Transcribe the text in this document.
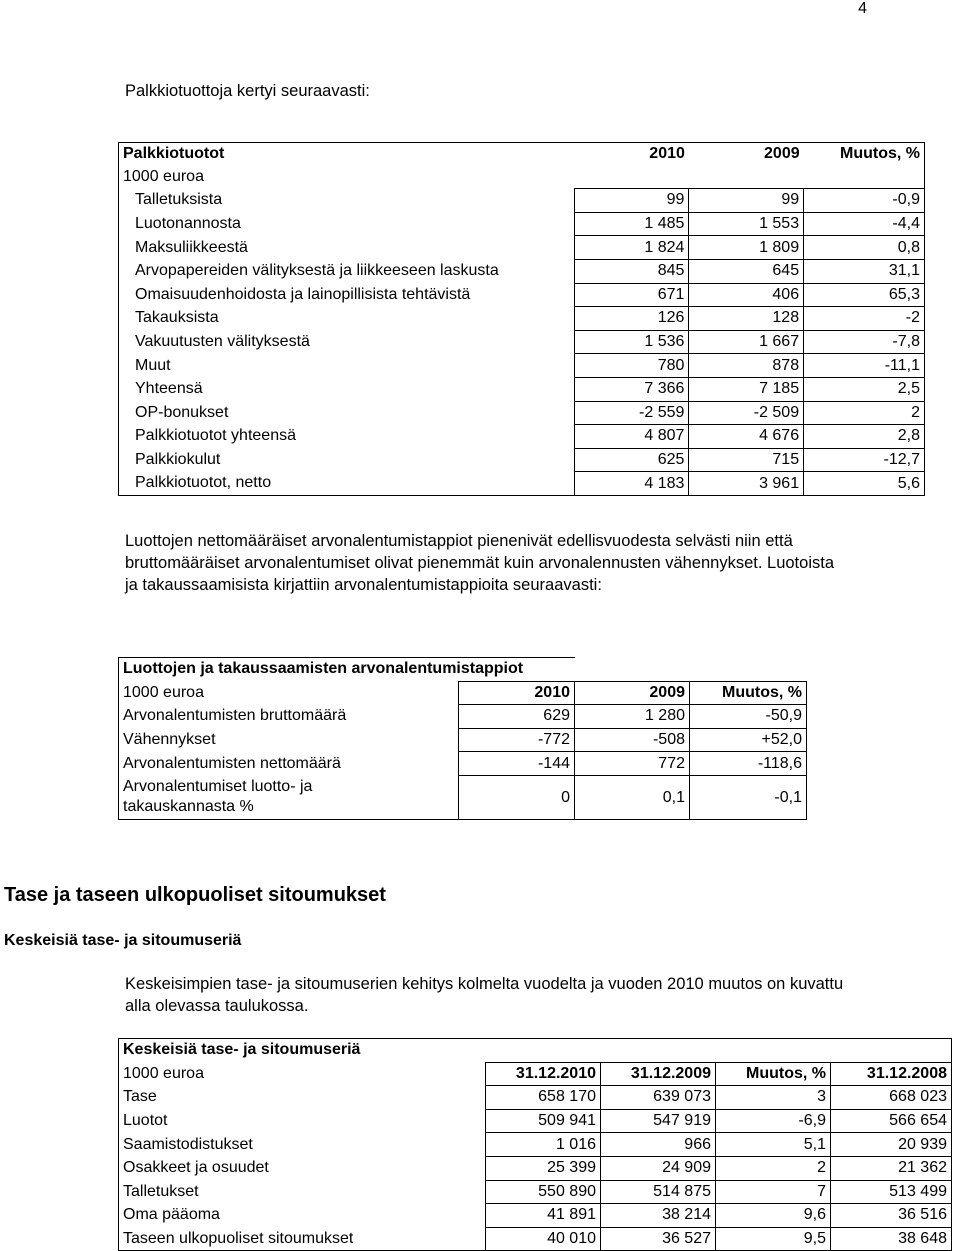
4
Palkkiotuottoja kertyi seuraavasti:
Palkkiotuotot	2010	2009	Muutos, %
1000 euroa			
Talletuksista	99	99	-0,9
Luotonannosta	1 485	1 553	-4,4
Maksuliikkeestä	1 824	1 809	0,8
Arvopapereiden välityksestä ja liikkeeseen laskusta	845	645	31,1
Omaisuudenhoidosta ja lainopillisista tehtävistä	671	406	65,3
Takauksista	126	128	-2
Vakuutusten välityksestä	1 536	1 667	-7,8
Muut	780	878	-11,1
Yhteensä	7 366	7 185	2,5
OP-bonukset	-2 559	-2 509	2
Palkkiotuotot yhteensä	4 807	4 676	2,8
Palkkiokulut	625	715	-12,7
Palkkiotuotot, netto	4 183	3 961	5,6
Luottojen nettomääräiset arvonalentumistappiot pienenivät edellisvuodesta selvästi niin että
bruttomääräiset arvonalentumiset olivat pienemmät kuin arvonalennusten vähennykset. Luotoista
ja takaussaamisista kirjattiin arvonalentumistappioita seuraavasti:
Luottojen ja takaussaamisten arvonalentumistappiot			
1000 euroa	2010	2009	Muutos, %
Arvonalentumisten bruttomäärä	629	1 280	-50,9
Vähennykset	-772	-508	+52,0
Arvonalentumisten nettomäärä	-144	772	-118,6

Arvonalentumiset luotto- ja
takauskannasta %	0	0,1	-0,1
Tase ja taseen ulkopuoliset sitoumukset
Keskeisiä tase- ja sitoumuseriä
Keskeisimpien tase- ja sitoumuserien kehitys kolmelta vuodelta ja vuoden 2010 muutos on kuvattu
alla olevassa taulukossa.
Keskeisiä tase- ja sitoumuseriä				
1000 euroa	31.12.2010	31.12.2009	Muutos, %	31.12.2008
Tase	658 170	639 073	3	668 023
Luotot	509 941	547 919	-6,9	566 654
Saamistodistukset	1 016	966	5,1	20 939
Osakkeet ja osuudet	25 399	24 909	2	21 362
Talletukset	550 890	514 875	7	513 499
Oma pääoma	41 891	38 214	9,6	36 516
Taseen ulkopuoliset sitoumukset	40 010	36 527	9,5	38 648
